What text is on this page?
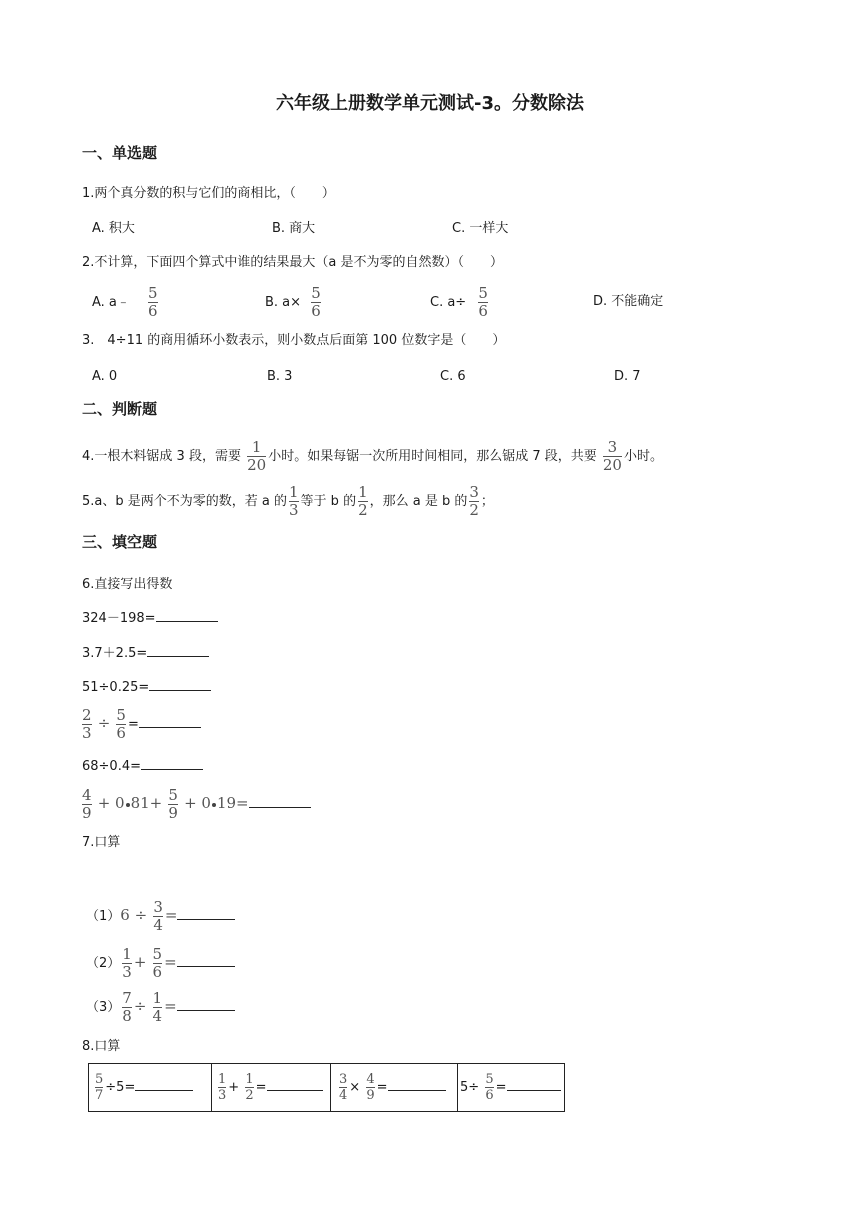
六年级上册数学单元测试-3。分数除法
一、单选题
1.两个真分数的积与它们的商相比，（　　）
A. 积大	B. 商大	C. 一样大
2.不计算，下面四个算式中谁的结果最大（a 是不为零的自然数）（　　）
A. a﹣ $\frac{5}{6}$	B. $a\times \frac{5}{6}$	C. $a\div \frac{5}{6}$	D. 不能确定
3.　4÷11 的商用循环小数表示，则小数点后面第 100 位数字是（　　）
A. 0	B. 3	C. 6	D. 7
二、判断题
4.一根木料锯成 3 段，需要 $\frac{1}{20}$ 小时。如果每锯一次所用时间相同，那么锯成 7 段，共要 $\frac{3}{20}$ 小时。
5.a、b 是两个不为零的数，若 a 的 $\frac{1}{3}$ 等于 b 的 $\frac{1}{2}$ ，那么 a 是 b 的 $\frac{3}{2}$ ；
三、填空题
6.直接写出得数
324－198=
3.7＋2.5=
51÷0.25=
$\frac{2}{3} \div \frac{5}{6}$ =
68÷0.4=
$\frac{4}{9} + 0$ $81+ \frac{5}{9} + 0$ 19=
7.口算
$(1)6 \div \frac{3}{4}$ =
$(2) \frac{1}{3} + \frac{5}{6}$ =
$(3) \frac{7}{8} \div \frac{1}{4}$ =
8.口算
$\frac{5}{7} \div 5=$	$\frac{1}{3} + \frac{1}{2}$ =	$\frac{3}{4} \times \frac{4}{9}$ =	$5\div \frac{5}{6}$ =
